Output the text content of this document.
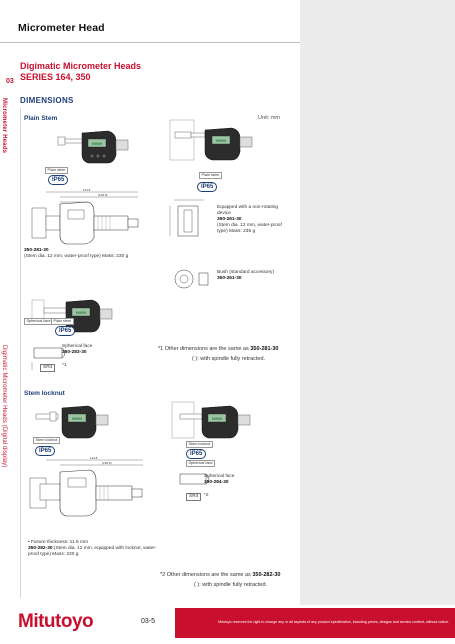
Micrometer Head
03
Micrometer Heads
Digimatic Micrometer Heads (Digital display)
Digimatic Micrometer Heads
SERIES 164, 350
DIMENSIONS
Plain Stem	Unit: mm
00000
Plain stem
IP65
00000
Plain stem
IP65
114.8
(138.8)
350-281-30
(Stem dia. 12 mm, water-proof type) Mass: 230 g
Equipped with a non-rotating device
350-261-30
(Stem dia. 12 mm, water-proof type) Mass: 235 g
Bush (standard accessory)
350-261-30
00000
Spherical face Plain stem
IP65
SR4
Spherical face
350-283-30
*1
*1 Other dimensions are the same as 350-281-30
( ): with spindle fully retracted.
Stem locknut
00000
Stem locknut
IP65
00000
Stem locknut
IP65
Spherical face
114.8
(138.8)
SR4
Spherical face
350-284-30
*2
• Fixture thickness: 11.5 mm
350-282-30:(Stem dia. 12 mm, equipped with locknut, water-proof type) Mass: 230 g
*2 Other dimensions are the same as 350-282-30
( ): with spindle fully retracted.
Mitutoyo	03-5	Mitutoyo reserves the right to change any or all aspects of any product specification, including prices, designs and service content, without notice.
